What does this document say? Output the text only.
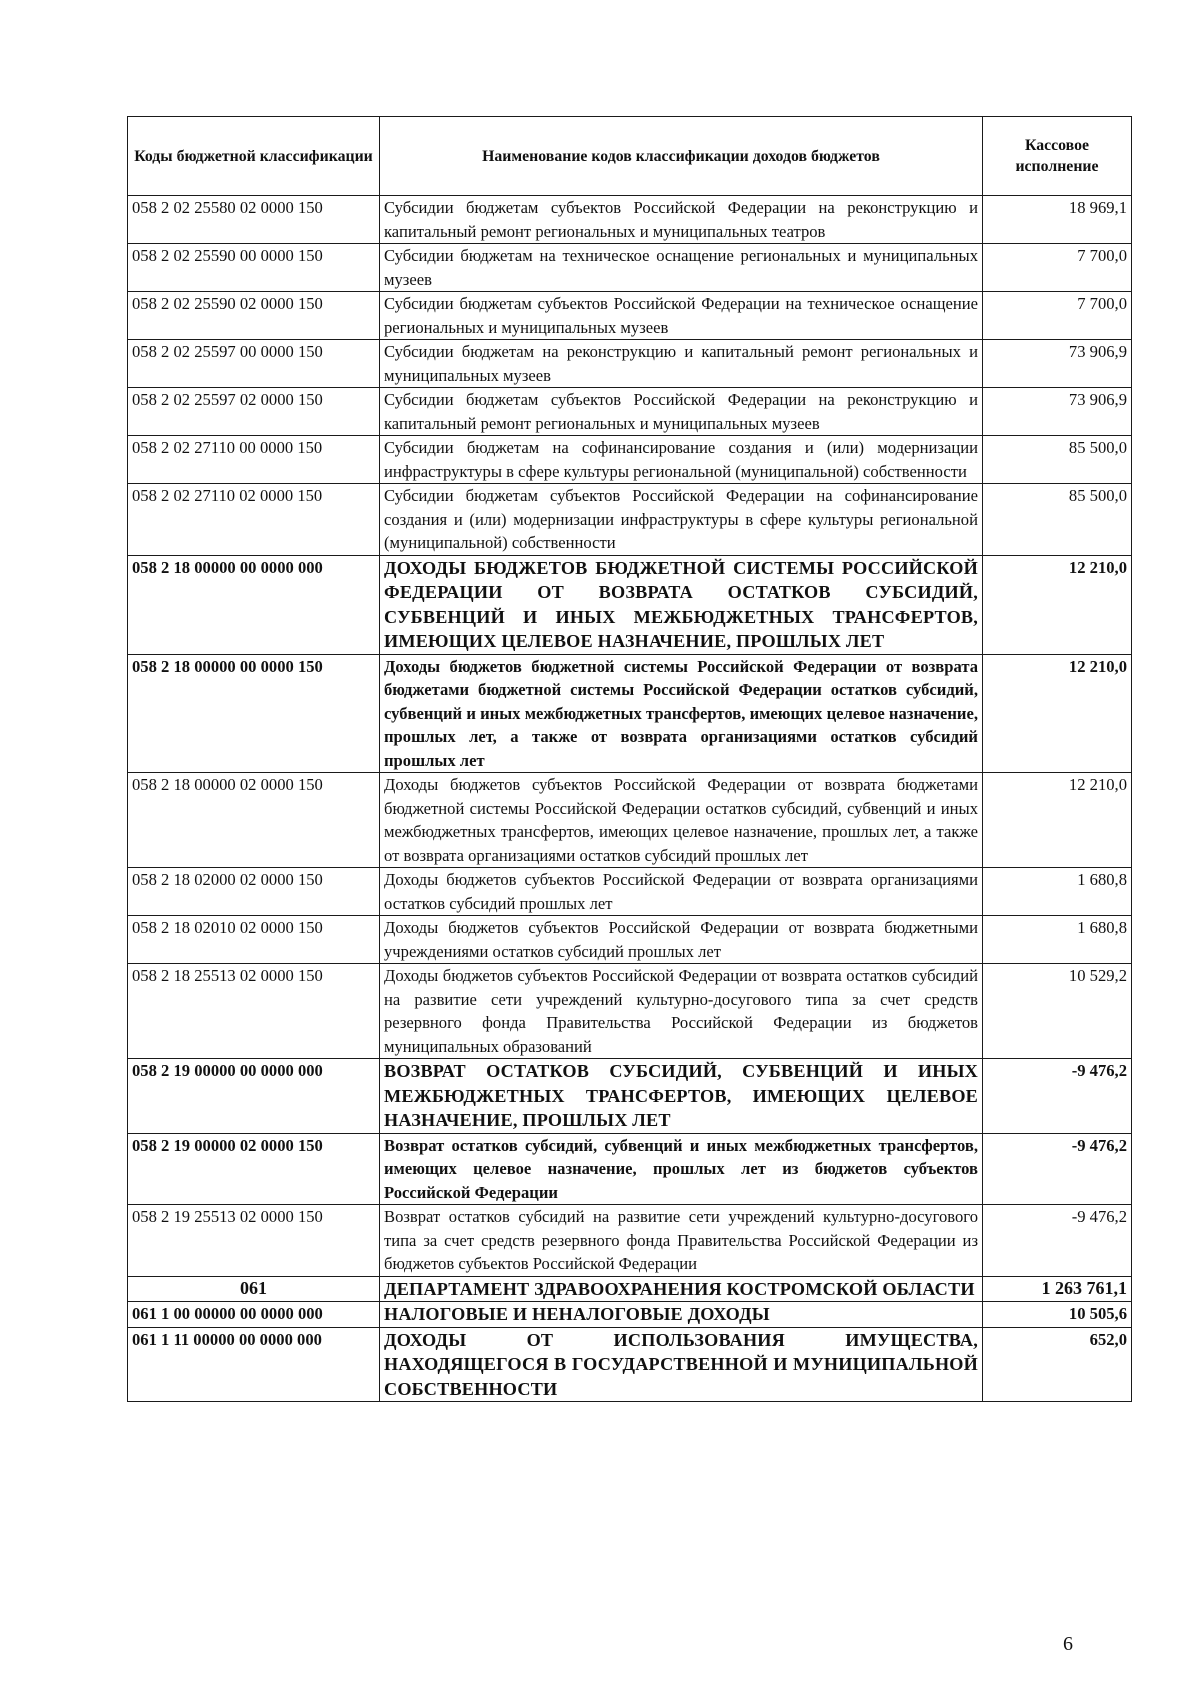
Коды бюджетной классификации	Наименование кодов классификации доходов бюджетов	Кассовое исполнение
058 2 02 25580 02 0000 150	Субсидии бюджетам субъектов Российской Федерации на реконструкцию и капитальный ремонт региональных и муниципальных театров	18 969,1
058 2 02 25590 00 0000 150	Субсидии бюджетам на техническое оснащение региональных и муниципальных музеев	7 700,0
058 2 02 25590 02 0000 150	Субсидии бюджетам субъектов Российской Федерации на техническое оснащение региональных и муниципальных музеев	7 700,0
058 2 02 25597 00 0000 150	Субсидии бюджетам на реконструкцию и капитальный ремонт региональных и муниципальных музеев	73 906,9
058 2 02 25597 02 0000 150	Субсидии бюджетам субъектов Российской Федерации на реконструкцию и капитальный ремонт региональных и муниципальных музеев	73 906,9
058 2 02 27110 00 0000 150	Субсидии бюджетам на софинансирование создания и (или) модернизации инфраструктуры в сфере культуры региональной (муниципальной) собственности	85 500,0
058 2 02 27110 02 0000 150	Субсидии бюджетам субъектов Российской Федерации на софинансирование создания и (или) модернизации инфраструктуры в сфере культуры региональной (муниципальной) собственности	85 500,0
058 2 18 00000 00 0000 000	ДОХОДЫ БЮДЖЕТОВ БЮДЖЕТНОЙ СИСТЕМЫ РОССИЙСКОЙ ФЕДЕРАЦИИ ОТ ВОЗВРАТА ОСТАТКОВ СУБСИДИЙ, СУБВЕНЦИЙ И ИНЫХ МЕЖБЮДЖЕТНЫХ ТРАНСФЕРТОВ, ИМЕЮЩИХ ЦЕЛЕВОЕ НАЗНАЧЕНИЕ, ПРОШЛЫХ ЛЕТ	12 210,0
058 2 18 00000 00 0000 150	Доходы бюджетов бюджетной системы Российской Федерации от возврата бюджетами бюджетной системы Российской Федерации остатков субсидий, субвенций и иных межбюджетных трансфертов, имеющих целевое назначение, прошлых лет, а также от возврата организациями остатков субсидий прошлых лет	12 210,0
058 2 18 00000 02 0000 150	Доходы бюджетов субъектов Российской Федерации от возврата бюджетами бюджетной системы Российской Федерации остатков субсидий, субвенций и иных межбюджетных трансфертов, имеющих целевое назначение, прошлых лет, а также от возврата организациями остатков субсидий прошлых лет	12 210,0
058 2 18 02000 02 0000 150	Доходы бюджетов субъектов Российской Федерации от возврата организациями остатков субсидий прошлых лет	1 680,8
058 2 18 02010 02 0000 150	Доходы бюджетов субъектов Российской Федерации от возврата бюджетными учреждениями остатков субсидий прошлых лет	1 680,8
058 2 18 25513 02 0000 150	Доходы бюджетов субъектов Российской Федерации от возврата остатков субсидий на развитие сети учреждений культурно-досугового типа за счет средств резервного фонда Правительства Российской Федерации из бюджетов муниципальных образований	10 529,2
058 2 19 00000 00 0000 000	ВОЗВРАТ ОСТАТКОВ СУБСИДИЙ, СУБВЕНЦИЙ И ИНЫХ МЕЖБЮДЖЕТНЫХ ТРАНСФЕРТОВ, ИМЕЮЩИХ ЦЕЛЕВОЕ НАЗНАЧЕНИЕ, ПРОШЛЫХ ЛЕТ	-9 476,2
058 2 19 00000 02 0000 150	Возврат остатков субсидий, субвенций и иных межбюджетных трансфертов, имеющих целевое назначение, прошлых лет из бюджетов субъектов Российской Федерации	-9 476,2
058 2 19 25513 02 0000 150	Возврат остатков субсидий на развитие сети учреждений культурно-досугового типа за счет средств резервного фонда Правительства Российской Федерации из бюджетов субъектов Российской Федерации	-9 476,2
061	ДЕПАРТАМЕНТ ЗДРАВООХРАНЕНИЯ КОСТРОМСКОЙ ОБЛАСТИ	1 263 761,1
061 1 00 00000 00 0000 000	НАЛОГОВЫЕ И НЕНАЛОГОВЫЕ ДОХОДЫ	10 505,6
061 1 11 00000 00 0000 000	ДОХОДЫ ОТ ИСПОЛЬЗОВАНИЯ ИМУЩЕСТВА, НАХОДЯЩЕГОСЯ В ГОСУДАРСТВЕННОЙ И МУНИЦИПАЛЬНОЙ СОБСТВЕННОСТИ	652,0
6
